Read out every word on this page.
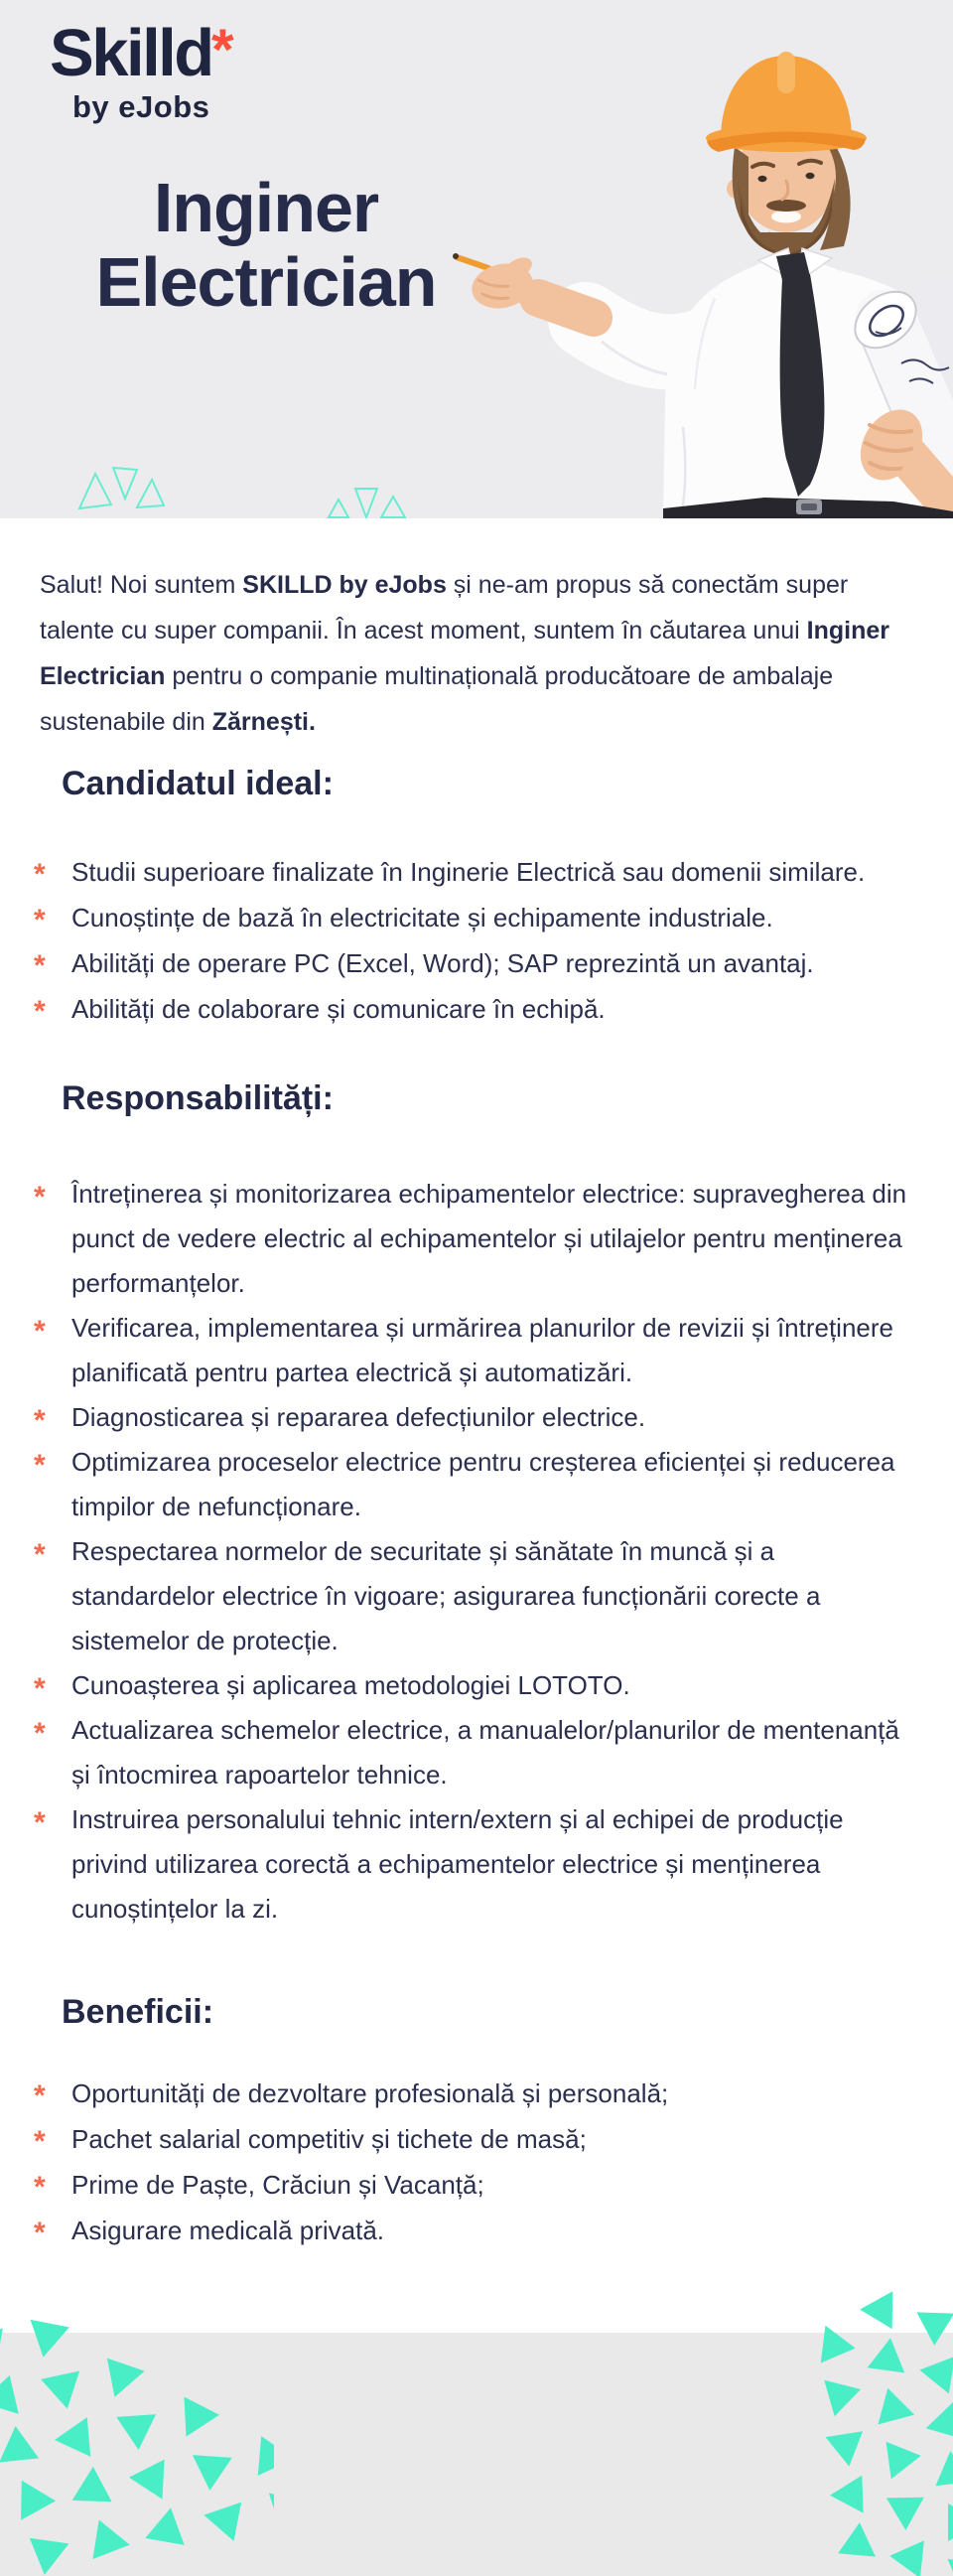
Skilld *
by eJobs
Inginer
Electrician
Salut! Noi suntem SKILLD by eJobs și ne-am propus să conectăm super
talente cu super companii. În acest moment, suntem în căutarea unui Inginer
Electrician pentru o companie multinațională producătoare de ambalaje
sustenabile din Zărnești.
Candidatul ideal:
*	Studii superioare finalizate în Inginerie Electrică sau domenii similare.
*	Cunoștințe de bază în electricitate și echipamente industriale.
*	Abilități de operare PC (Excel, Word); SAP reprezintă un avantaj.
*	Abilități de colaborare și comunicare în echipă.
Responsabilități:
*	Întreținerea și monitorizarea echipamentelor electrice: supravegherea din punct de vedere electric al echipamentelor și utilajelor pentru menținerea performanțelor.
*	Verificarea, implementarea și urmărirea planurilor de revizii și întreținere planificată pentru partea electrică și automatizări.
*	Diagnosticarea și repararea defecțiunilor electrice.
*	Optimizarea proceselor electrice pentru creșterea eficienței și reducerea timpilor de nefuncționare.
*	Respectarea normelor de securitate și sănătate în muncă și a standardelor electrice în vigoare; asigurarea funcționării corecte a sistemelor de protecție.
*	Cunoașterea și aplicarea metodologiei LOTOTO.
*	Actualizarea schemelor electrice, a manualelor/planurilor de mentenanță și întocmirea rapoartelor tehnice.
*	Instruirea personalului tehnic intern/extern și al echipei de producție privind utilizarea corectă a echipamentelor electrice și menținerea cunoștințelor la zi.
Beneficii:
*	Oportunități de dezvoltare profesională și personală;
*	Pachet salarial competitiv și tichete de masă;
*	Prime de Paște, Crăciun și Vacanță;
*	Asigurare medicală privată.
